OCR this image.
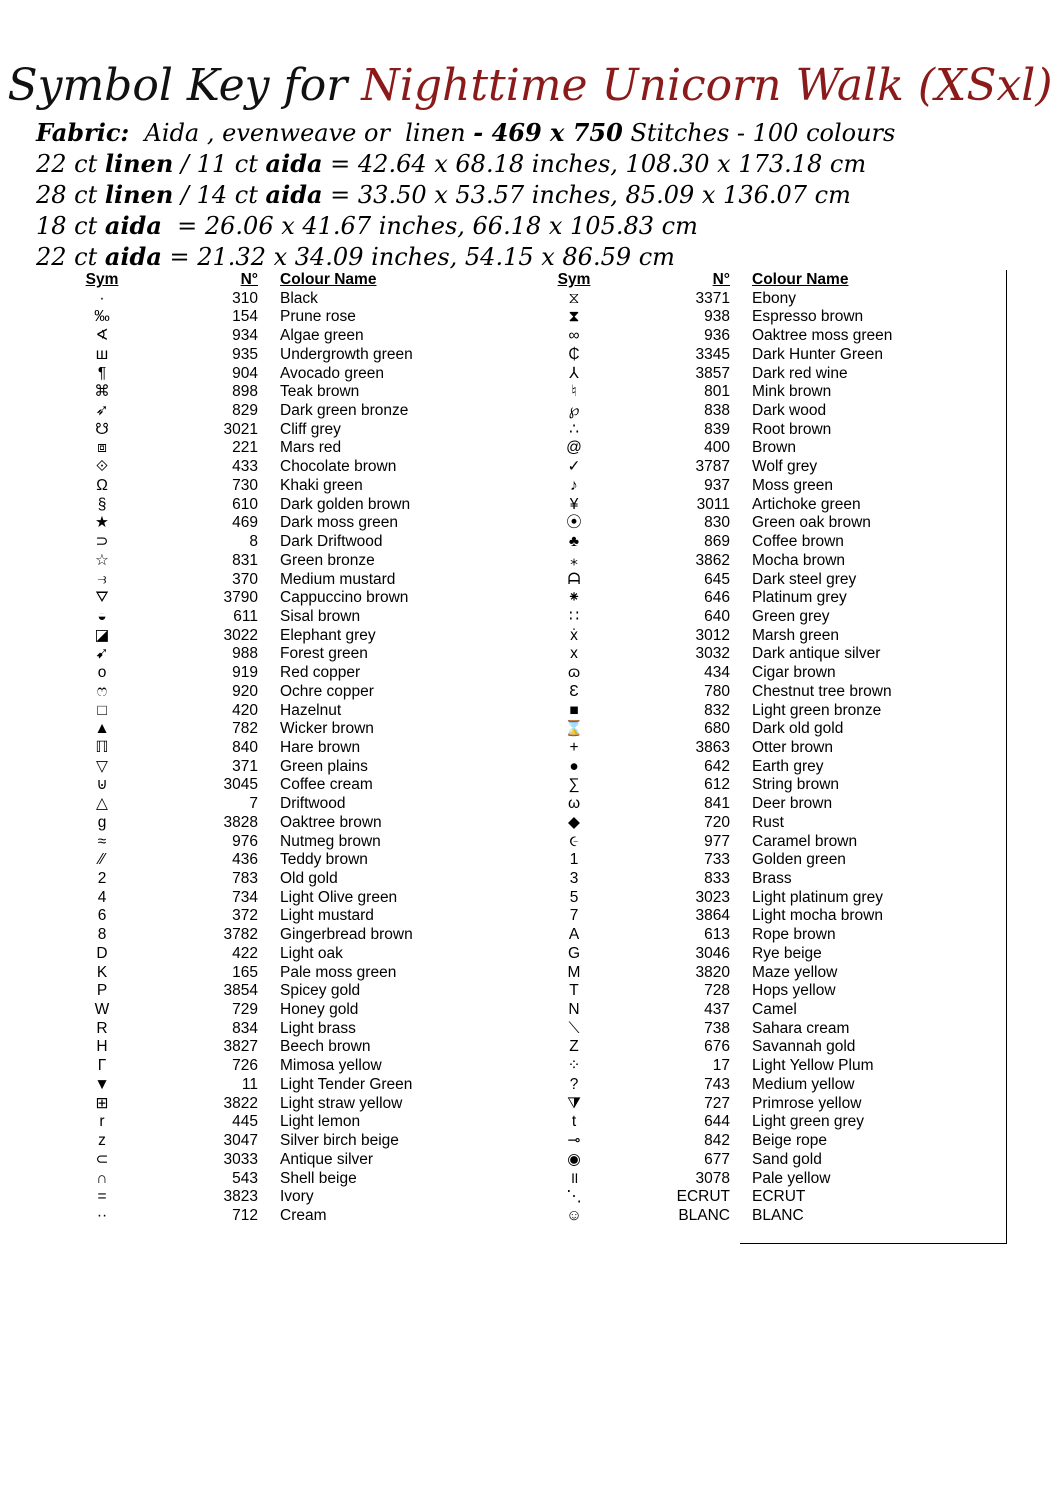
Symbol Key for Nighttime Unicorn Walk (XSxl)
Fabric:  Aida , evenweave or  linen - 469 x 750 Stitches - 100 colours
22 ct linen / 11 ct aida = 42.64 x 68.18 inches, 108.30 x 173.18 cm
28 ct linen / 14 ct aida = 33.50 x 53.57 inches, 85.09 x 136.07 cm
18 ct aida  = 26.06 x 41.67 inches, 66.18 x 105.83 cm
22 ct aida = 21.32 x 34.09 inches, 54.15 x 86.59 cm
Sym	N°		Colour Name
·	310		Black
‰	154		Prune rose
∢	934		Algae green
ш	935		Undergrowth green
¶	904		Avocado green
⌘	898		Teak brown
➶	829		Dark green bronze
☋	3021		Cliff grey
⧈	221		Mars red
⟐	433		Chocolate brown
Ω	730		Khaki green
§	610		Dark golden brown
★	469		Dark moss green
⊃	8		Dark Driftwood
☆	831		Green bronze
⥽	370		Medium mustard
⛛	3790		Cappuccino brown
◒	611		Sisal brown
◪	3022		Elephant grey
➹	988		Forest green
o	919		Red copper
ෆ	920		Ochre copper
□	420		Hazelnut
▲	782		Wicker brown
ℿ	840		Hare brown
▽	371		Green plains
⊍	3045		Coffee cream
△	7		Driftwood
g	3828		Oaktree brown
≈	976		Nutmeg brown
⁄⁄	436		Teddy brown
2	783		Old gold
4	734		Light Olive green
6	372		Light mustard
8	3782		Gingerbread brown
D	422		Light oak
K	165		Pale moss green
P	3854		Spicey gold
W	729		Honey gold
R	834		Light brass
H	3827		Beech brown
Γ	726		Mimosa yellow
▼	11		Light Tender Green
⊞	3822		Light straw yellow
r	445		Light lemon
z	3047		Silver birch beige
⊂	3033		Antique silver
∩	543		Shell beige
=	3823		Ivory
··	712		Cream
Sym	N°		Colour Name
⧖	3371		Ebony
⧗	938		Espresso brown
∞	936		Oaktree moss green
₵	3345		Dark Hunter Green
⅄	3857		Dark red wine
♮	801		Mink brown
℘	838		Dark wood
∴	839		Root brown
@	400		Brown
✓	3787		Wolf grey
♪	937		Moss green
¥	3011		Artichoke green
⦿	830		Green oak brown
♣	869		Coffee brown
⁎	3862		Mocha brown
ᗩ	645		Dark steel grey
⁕	646		Platinum grey
∷	640		Green grey
ẋ	3012		Marsh green
x	3032		Dark antique silver
ɷ	434		Cigar brown
Ɛ	780		Chestnut tree brown
■	832		Light green bronze
⌛	680		Dark old gold
+	3863		Otter brown
●	642		Earth grey
∑	612		String brown
ω	841		Deer brown
◆	720		Rust
૯	977		Caramel brown
1	733		Golden green
3	833		Brass
5	3023		Light platinum grey
7	3864		Light mocha brown
A	613		Rope brown
G	3046		Rye beige
M	3820		Maze yellow
T	728		Hops yellow
N	437		Camel
⟍	738		Sahara cream
Z	676		Savannah gold
⁘	17		Light Yellow Plum
?	743		Medium yellow
⧩	727		Primrose yellow
t	644		Light green grey
⊸	842		Beige rope
◉	677		Sand gold
॥	3078		Pale yellow
⋱	ECRUT		ECRUT
☺	BLANC		BLANC
